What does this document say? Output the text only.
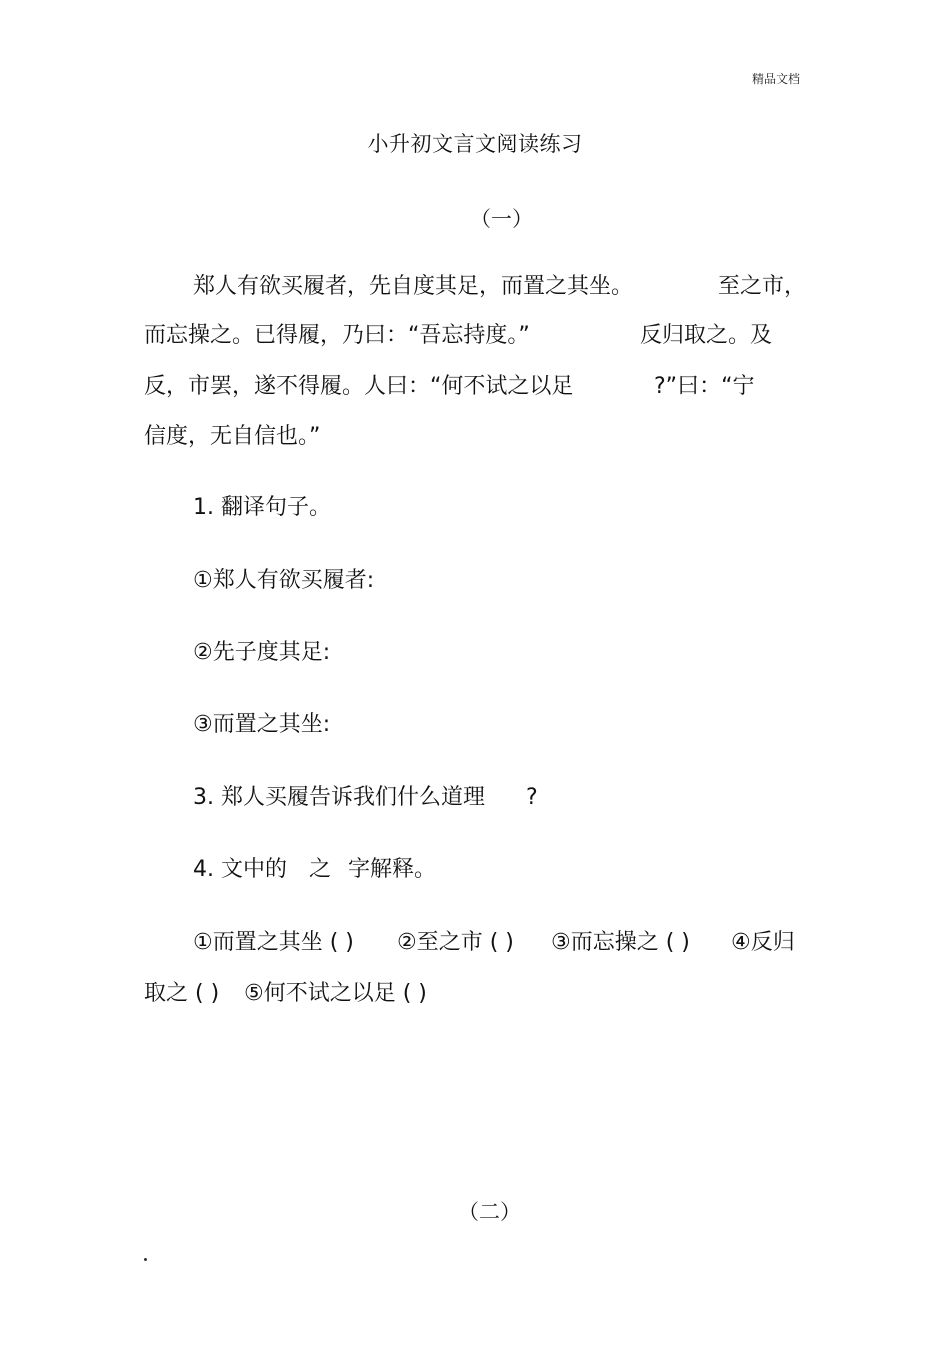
精品文档
小升初文言文阅读练习
（一）
郑人有欲买履者，先自度其足，而置之其坐。	至之市，
而忘操之。已得履，乃曰：“吾忘持度。”	反归取之。及
反，市罢，遂不得履。人曰：“何不试之以足	?”曰：“宁
信度，无自信也。”
1. 翻译句子。
①郑人有欲买履者:
②先子度其足:
③而置之其坐:
3. 郑人买履告诉我们什么道理 ?
4. 文中的 之 字解释。
①而置之其坐 ( ) ②至之市 ( ) ③而忘操之 ( ) ④反归
取之 ( ) ⑤何不试之以足 ( )
（二）
